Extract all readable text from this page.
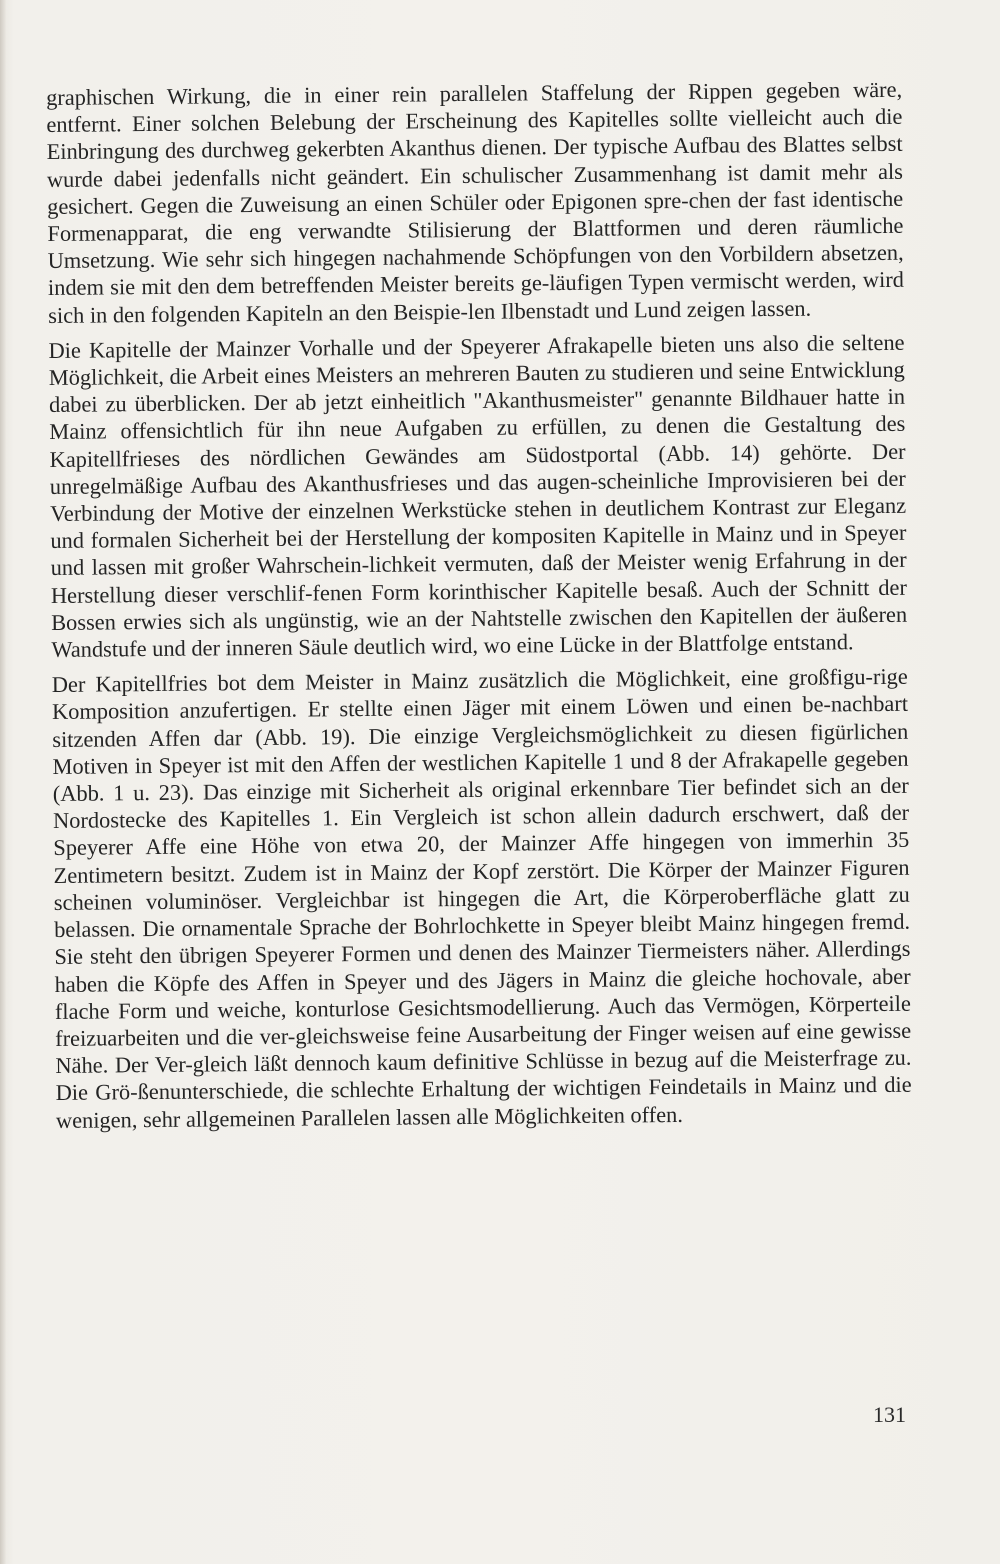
graphischen Wirkung, die in einer rein parallelen Staffelung der Rippen gegeben wäre, entfernt. Einer solchen Belebung der Erscheinung des Kapitelles sollte vielleicht auch die Einbringung des durchweg gekerbten Akanthus dienen. Der typische Aufbau des Blattes selbst wurde dabei jedenfalls nicht geändert. Ein schulischer Zusammenhang ist damit mehr als gesichert. Gegen die Zuweisung an einen Schüler oder Epigonen spre-chen der fast identische Formenapparat, die eng verwandte Stilisierung der Blattformen und deren räumliche Umsetzung. Wie sehr sich hingegen nachahmende Schöpfungen von den Vorbildern absetzen, indem sie mit den dem betreffenden Meister bereits ge-läufigen Typen vermischt werden, wird sich in den folgenden Kapiteln an den Beispie-len Ilbenstadt und Lund zeigen lassen.

Die Kapitelle der Mainzer Vorhalle und der Speyerer Afrakapelle bieten uns also die seltene Möglichkeit, die Arbeit eines Meisters an mehreren Bauten zu studieren und seine Entwicklung dabei zu überblicken. Der ab jetzt einheitlich "Akanthusmeister" genannte Bildhauer hatte in Mainz offensichtlich für ihn neue Aufgaben zu erfüllen, zu denen die Gestaltung des Kapitellfrieses des nördlichen Gewändes am Südostportal (Abb. 14) gehörte. Der unregelmäßige Aufbau des Akanthusfrieses und das augen-scheinliche Improvisieren bei der Verbindung der Motive der einzelnen Werkstücke stehen in deutlichem Kontrast zur Eleganz und formalen Sicherheit bei der Herstellung der kompositen Kapitelle in Mainz und in Speyer und lassen mit großer Wahrschein-lichkeit vermuten, daß der Meister wenig Erfahrung in der Herstellung dieser verschlif-fenen Form korinthischer Kapitelle besaß. Auch der Schnitt der Bossen erwies sich als ungünstig, wie an der Nahtstelle zwischen den Kapitellen der äußeren Wandstufe und der inneren Säule deutlich wird, wo eine Lücke in der Blattfolge entstand.

Der Kapitellfries bot dem Meister in Mainz zusätzlich die Möglichkeit, eine großfigu-rige Komposition anzufertigen. Er stellte einen Jäger mit einem Löwen und einen be-nachbart sitzenden Affen dar (Abb. 19). Die einzige Vergleichsmöglichkeit zu diesen figürlichen Motiven in Speyer ist mit den Affen der westlichen Kapitelle 1 und 8 der Afrakapelle gegeben (Abb. 1 u. 23). Das einzige mit Sicherheit als original erkennbare Tier befindet sich an der Nordostecke des Kapitelles 1. Ein Vergleich ist schon allein dadurch erschwert, daß der Speyerer Affe eine Höhe von etwa 20, der Mainzer Affe hingegen von immerhin 35 Zentimetern besitzt. Zudem ist in Mainz der Kopf zerstört. Die Körper der Mainzer Figuren scheinen voluminöser. Vergleichbar ist hingegen die Art, die Körperoberfläche glatt zu belassen. Die ornamentale Sprache der Bohrlochkette in Speyer bleibt Mainz hingegen fremd. Sie steht den übrigen Speyerer Formen und denen des Mainzer Tiermeisters näher. Allerdings haben die Köpfe des Affen in Speyer und des Jägers in Mainz die gleiche hochovale, aber flache Form und weiche, konturlose Gesichtsmodellierung. Auch das Vermögen, Körperteile freizuarbeiten und die ver-gleichsweise feine Ausarbeitung der Finger weisen auf eine gewisse Nähe. Der Ver-gleich läßt dennoch kaum definitive Schlüsse in bezug auf die Meisterfrage zu. Die Grö-ßenunterschiede, die schlechte Erhaltung der wichtigen Feindetails in Mainz und die wenigen, sehr allgemeinen Parallelen lassen alle Möglichkeiten offen.

131
